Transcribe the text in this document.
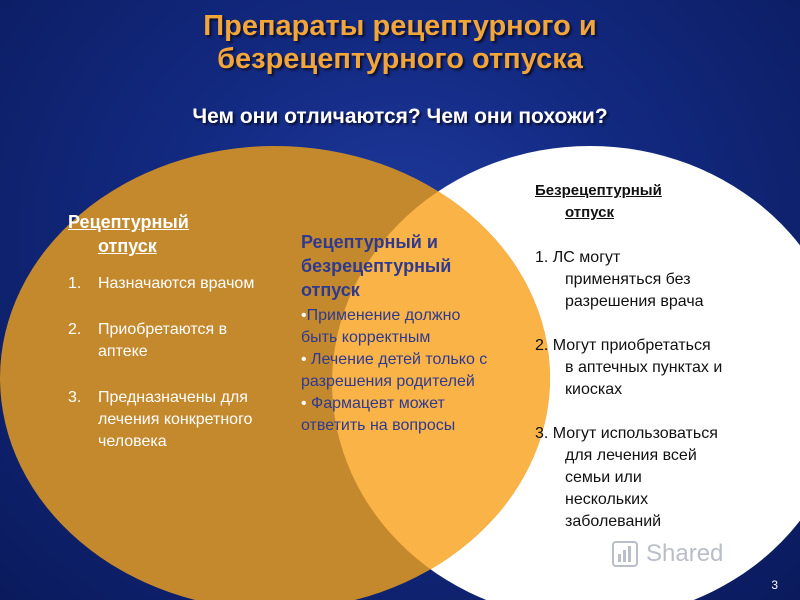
Препараты рецептурного и
безрецептурного отпуска
Чем они отличаются? Чем они похожи?
Рецептурный
отпуск
1.	Назначаются врачом
2.	Приобретаются в аптеке
3.	Предназначены для лечения конкретного человека
Рецептурный и безрецептурный отпуск
•Применение должно быть корректным
• Лечение детей только с разрешения родителей
• Фармацевт может ответить на вопросы
Безрецептурный
отпуск
1. ЛС могут
применяться без
разрешения врача
2. Могут приобретаться
в аптечных пунктах и
киосках
3. Могут использоваться
для лечения всей
семьи или
нескольких
заболеваний
Shared
3
